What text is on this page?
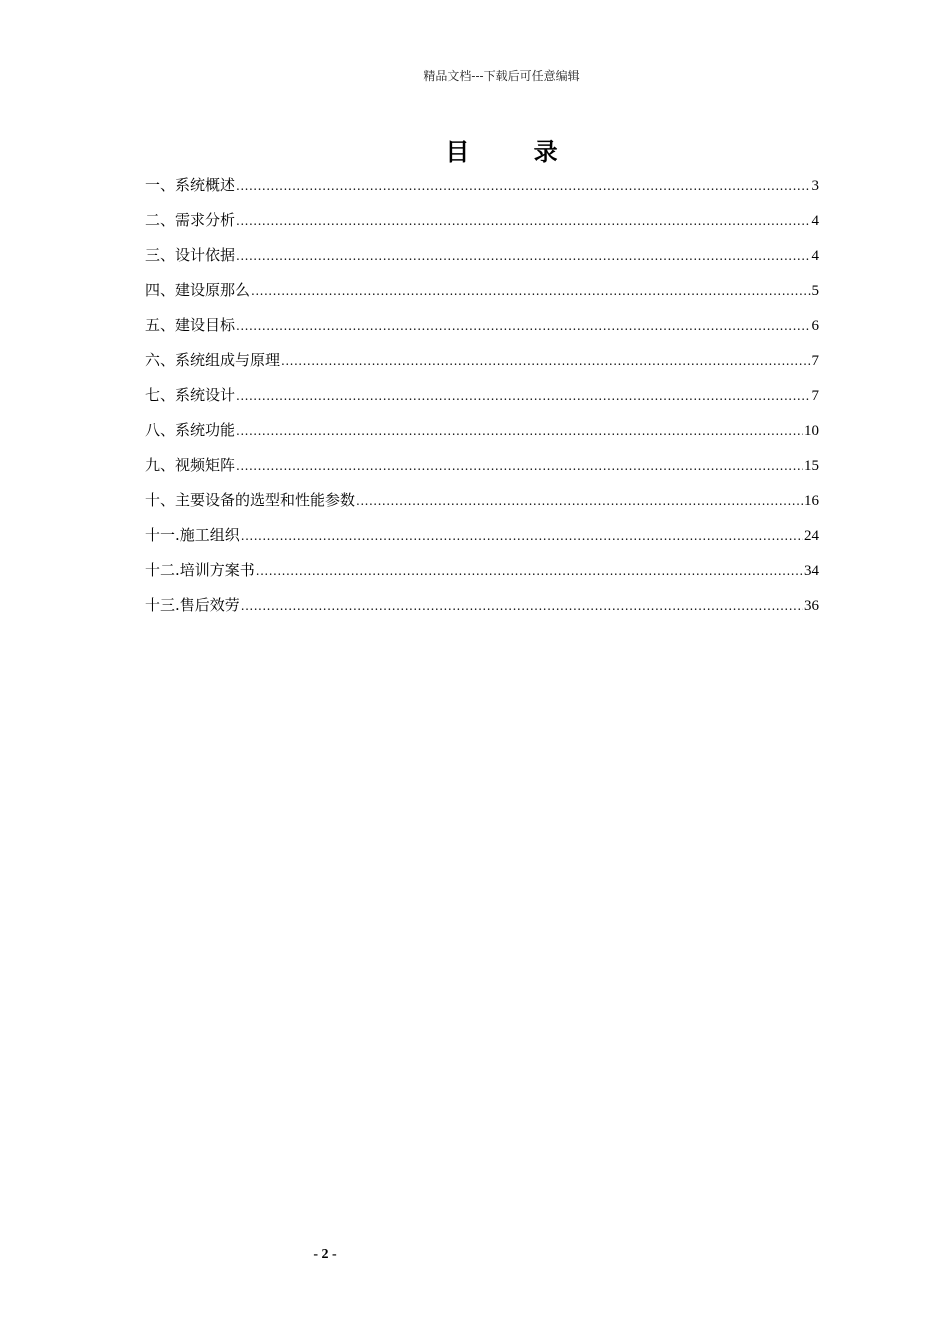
精品文档---下载后可任意编辑
目 录
一、系统概述 .....	3
二、需求分析 .....	4
三、设计依据 .....	4
四、建设原那么 .....	5
五、建设目标 .....	6
六、系统组成与原理 .....	7
七、系统设计 .....	7
八、系统功能 .....	10
九、视频矩阵 .....	15
十、主要设备的选型和性能参数 .....	16
十一.施工组织 .....	24
十二.培训方案书 .....	34
十三.售后效劳 .....	36
- 2 -
